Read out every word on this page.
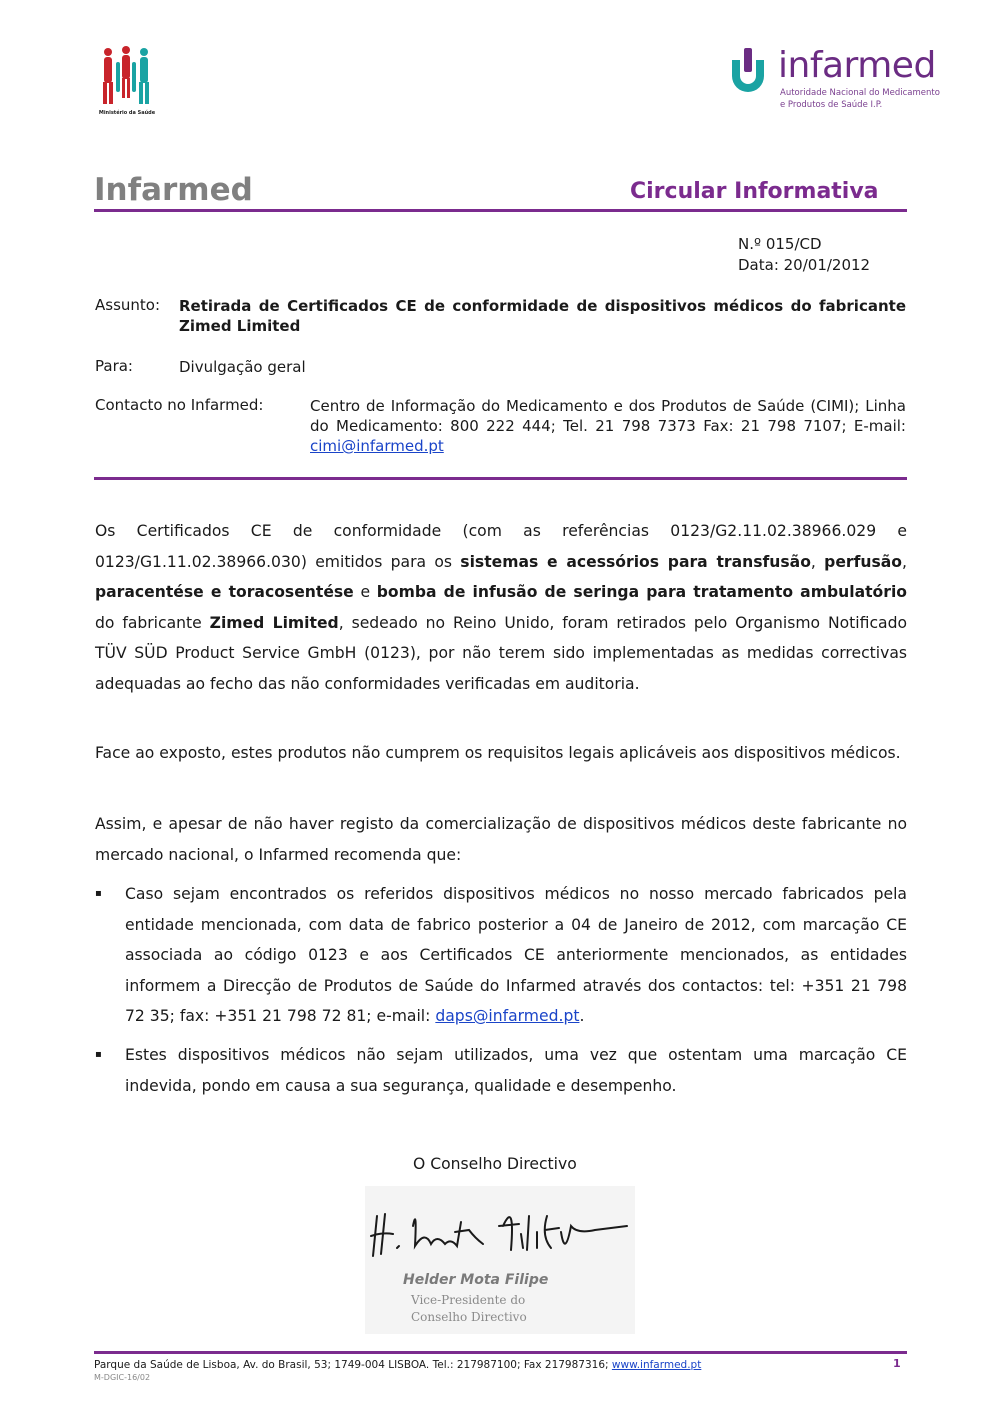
Ministério da Saúde
infarmed
Autoridade Nacional do Medicamento
e Produtos de Saúde I.P.
Infarmed	Circular Informativa
N.º 015/CD
Data: 20/01/2012
Assunto: Retirada de Certificados CE de conformidade de dispositivos médicos do fabricante Zimed Limited
Para:	Divulgação geral
Contacto no Infarmed:	Centro de Informação do Medicamento e dos Produtos de Saúde (CIMI); Linha do Medicamento: 800 222 444; Tel. 21 798 7373 Fax: 21 798 7107; E-mail: cimi@infarmed.pt

Os Certificados CE de conformidade (com as referências 0123/G2.11.02.38966.029 e 0123/G1.11.02.38966.030) emitidos para os sistemas e acessórios para transfusão, perfusão, paracentése e toracosentése e bomba de infusão de seringa para tratamento ambulatório do fabricante Zimed Limited, sedeado no Reino Unido, foram retirados pelo Organismo Notificado TÜV SÜD Product Service GmbH (0123), por não terem sido implementadas as medidas correctivas adequadas ao fecho das não conformidades verificadas em auditoria.

Face ao exposto, estes produtos não cumprem os requisitos legais aplicáveis aos dispositivos médicos.

Assim, e apesar de não haver registo da comercialização de dispositivos médicos deste fabricante no mercado nacional, o Infarmed recomenda que:

▪ Caso sejam encontrados os referidos dispositivos médicos no nosso mercado fabricados pela entidade mencionada, com data de fabrico posterior a 04 de Janeiro de 2012, com marcação CE associada ao código 0123 e aos Certificados CE anteriormente mencionados, as entidades informem a Direcção de Produtos de Saúde do Infarmed através dos contactos: tel: +351 21 798 72 35; fax: +351 21 798 72 81; e-mail: daps@infarmed.pt.

▪ Estes dispositivos médicos não sejam utilizados, uma vez que ostentam uma marcação CE indevida, pondo em causa a sua segurança, qualidade e desempenho.

O Conselho Directivo
Helder Mota Filipe
Vice-Presidente do
Conselho Directivo
Parque da Saúde de Lisboa, Av. do Brasil, 53; 1749-004 LISBOA. Tel.: 217987100; Fax 217987316; www.infarmed.pt	1
M-DGIC-16/02
